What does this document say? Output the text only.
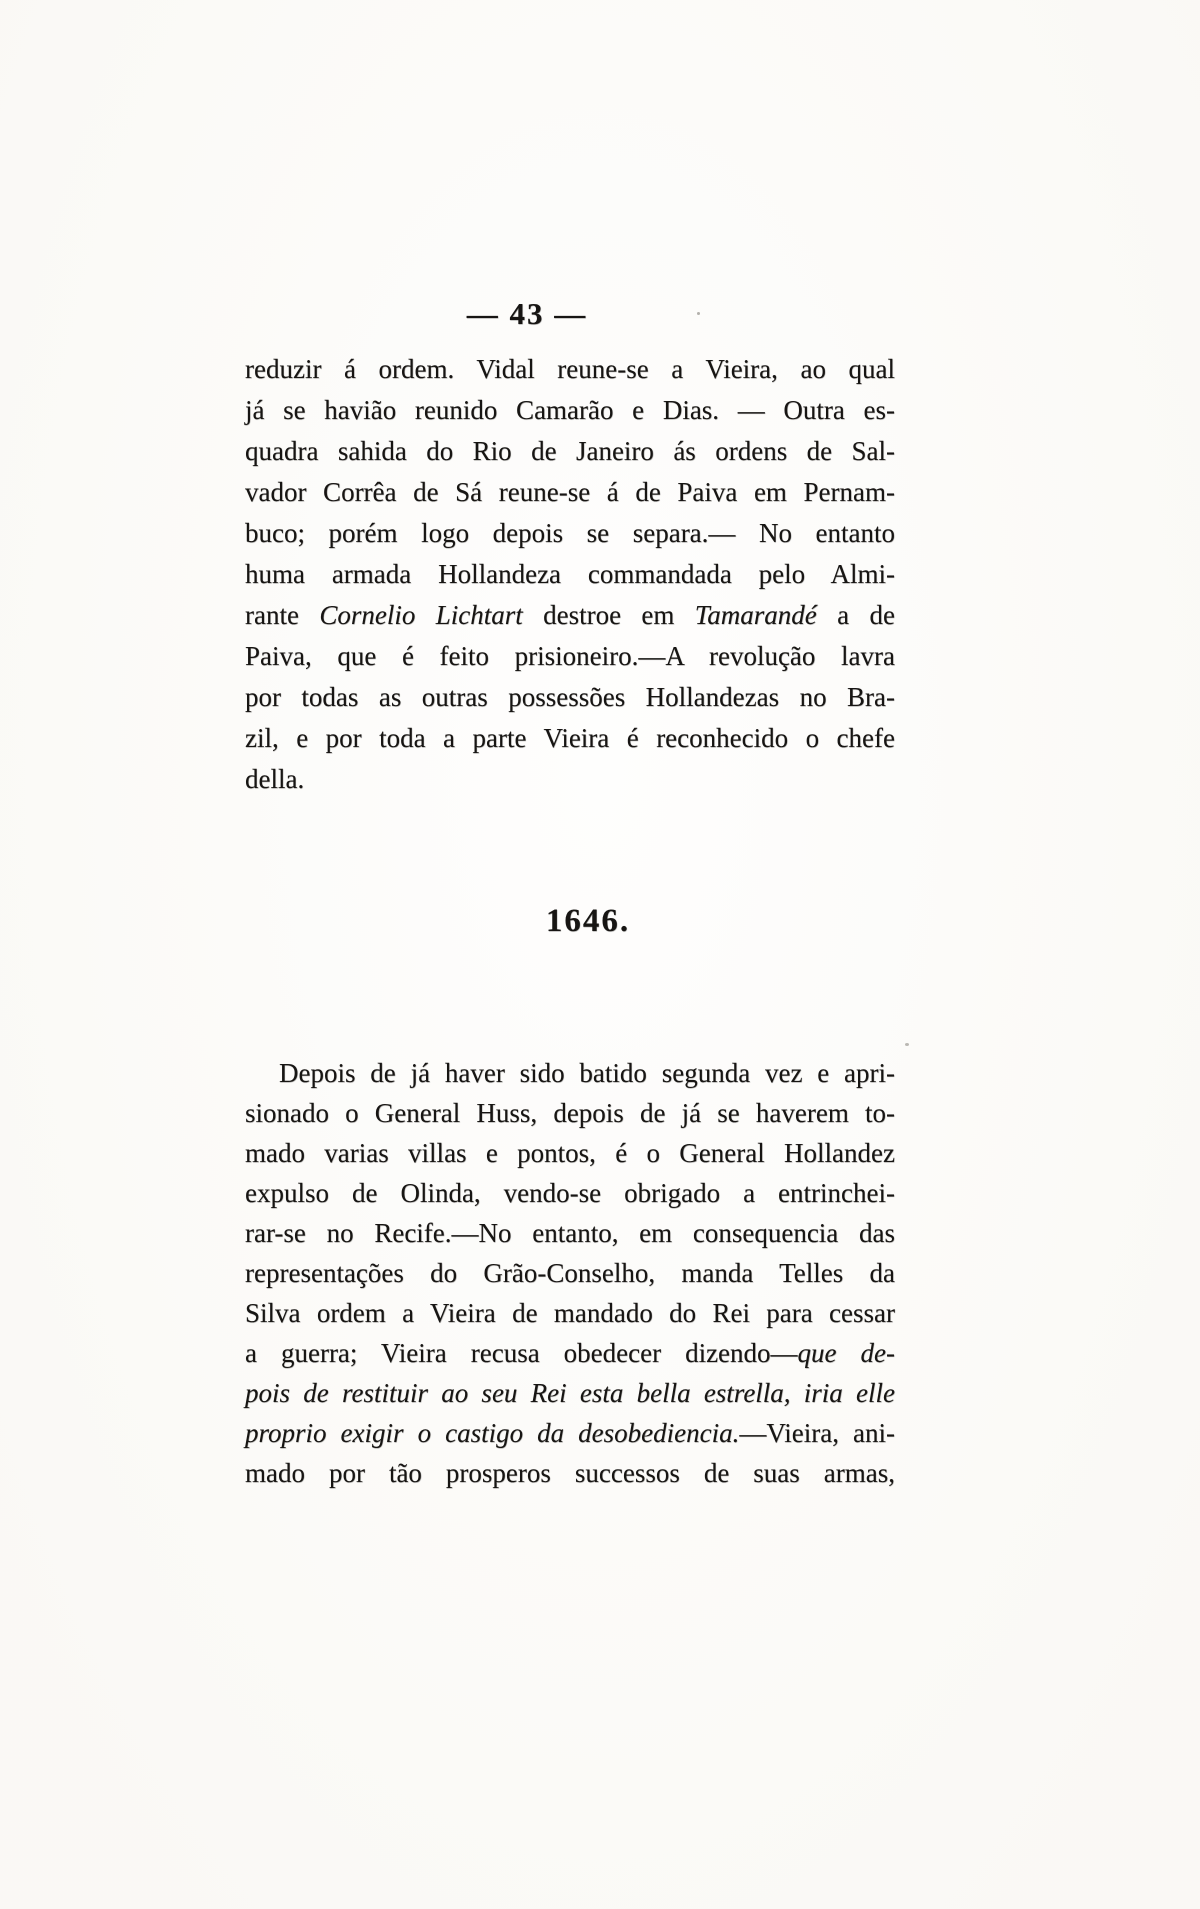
— 43 —
reduzir á ordem. Vidal reune-se a Vieira, ao qual
já se havião reunido Camarão e Dias. — Outra es-
quadra sahida do Rio de Janeiro ás ordens de Sal-
vador Corrêa de Sá reune-se á de Paiva em Pernam-
buco; porém logo depois se separa.— No entanto
huma armada Hollandeza commandada pelo Almi-
rante Cornelio Lichtart destroe em Tamarandé a de
Paiva, que é feito prisioneiro.—A revolução lavra
por todas as outras possessões Hollandezas no Bra-
zil, e por toda a parte Vieira é reconhecido o chefe
della.
1646.
Depois de já haver sido batido segunda vez e apri-
sionado o General Huss, depois de já se haverem to-
mado varias villas e pontos, é o General Hollandez
expulso de Olinda, vendo-se obrigado a entrinchei-
rar-se no Recife.—No entanto, em consequencia das
representações do Grão-Conselho, manda Telles da
Silva ordem a Vieira de mandado do Rei para cessar
a guerra; Vieira recusa obedecer dizendo—que de-
pois de restituir ao seu Rei esta bella estrella, iria elle
proprio exigir o castigo da desobediencia.—Vieira, ani-
mado por tão prosperos successos de suas armas,
